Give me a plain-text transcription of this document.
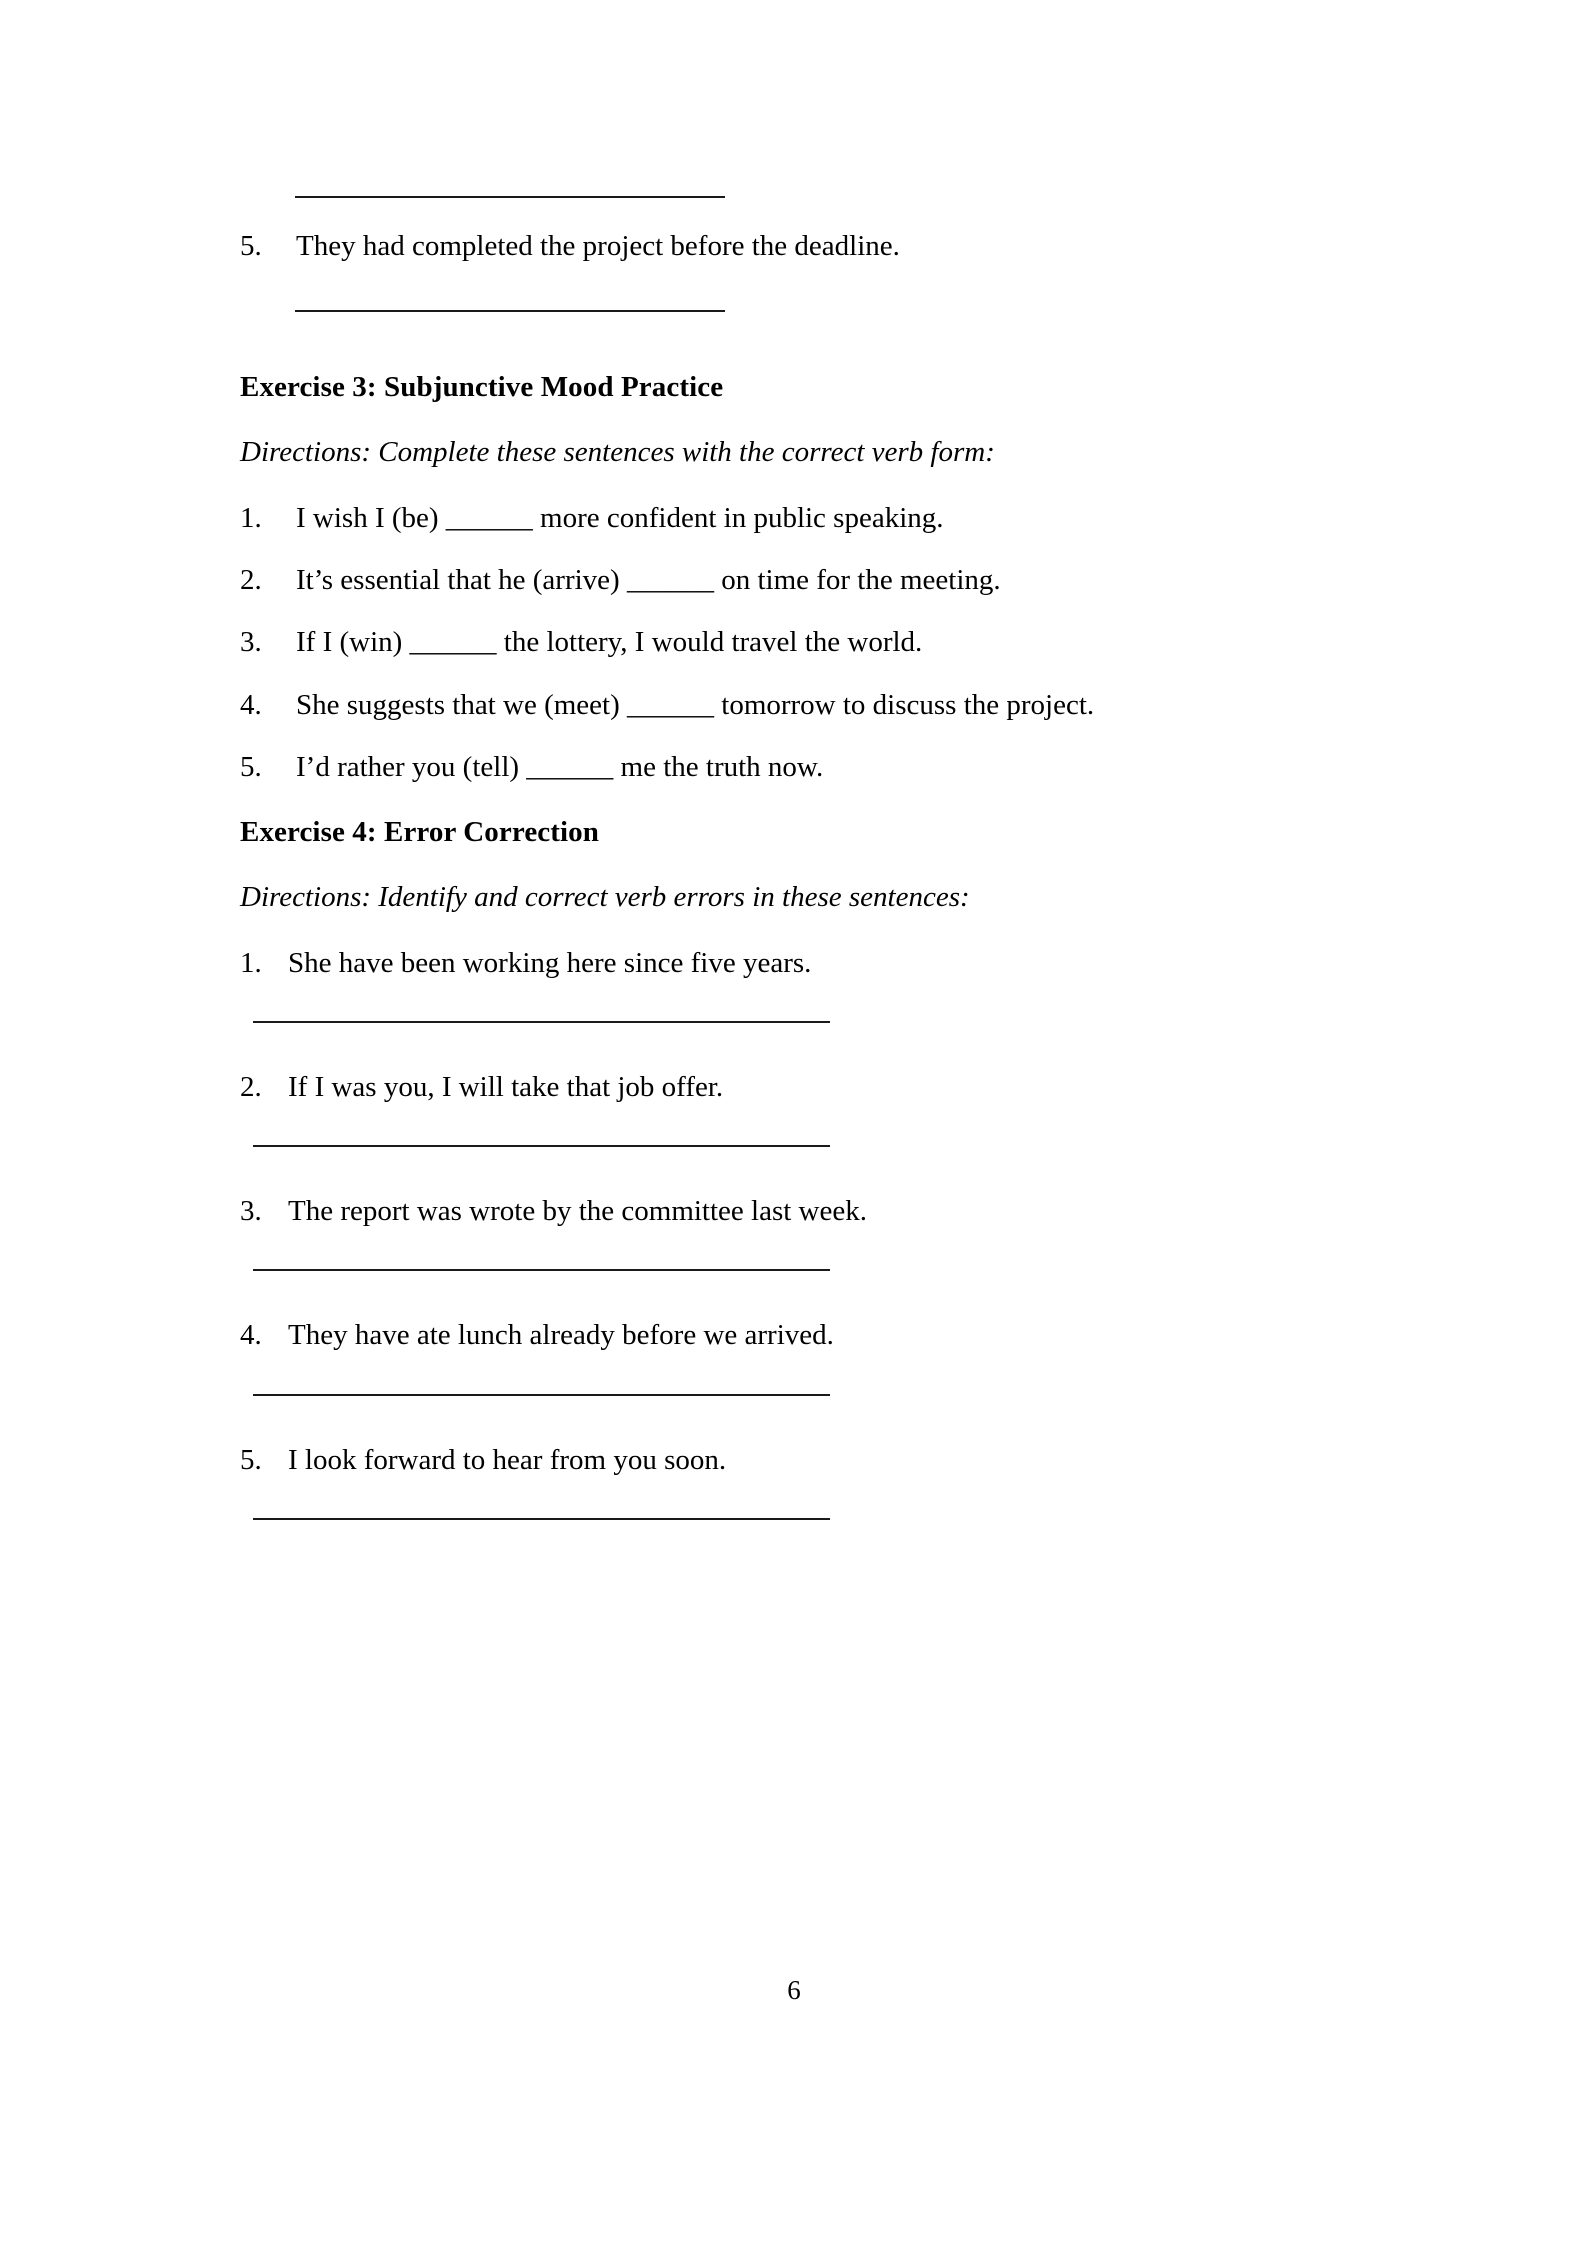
5.	They had completed the project before the deadline.
Exercise 3: Subjunctive Mood Practice
Directions: Complete these sentences with the correct verb form:
1.	I wish I (be) ______ more confident in public speaking.
2.	It’s essential that he (arrive) ______ on time for the meeting.
3.	If I (win) ______ the lottery, I would travel the world.
4.	She suggests that we (meet) ______ tomorrow to discuss the project.
5.	I’d rather you (tell) ______ me the truth now.
Exercise 4: Error Correction
Directions: Identify and correct verb errors in these sentences:
1. She have been working here since five years.
2. If I was you, I will take that job offer.
3. The report was wrote by the committee last week.
4. They have ate lunch already before we arrived.
5. I look forward to hear from you soon.
6
